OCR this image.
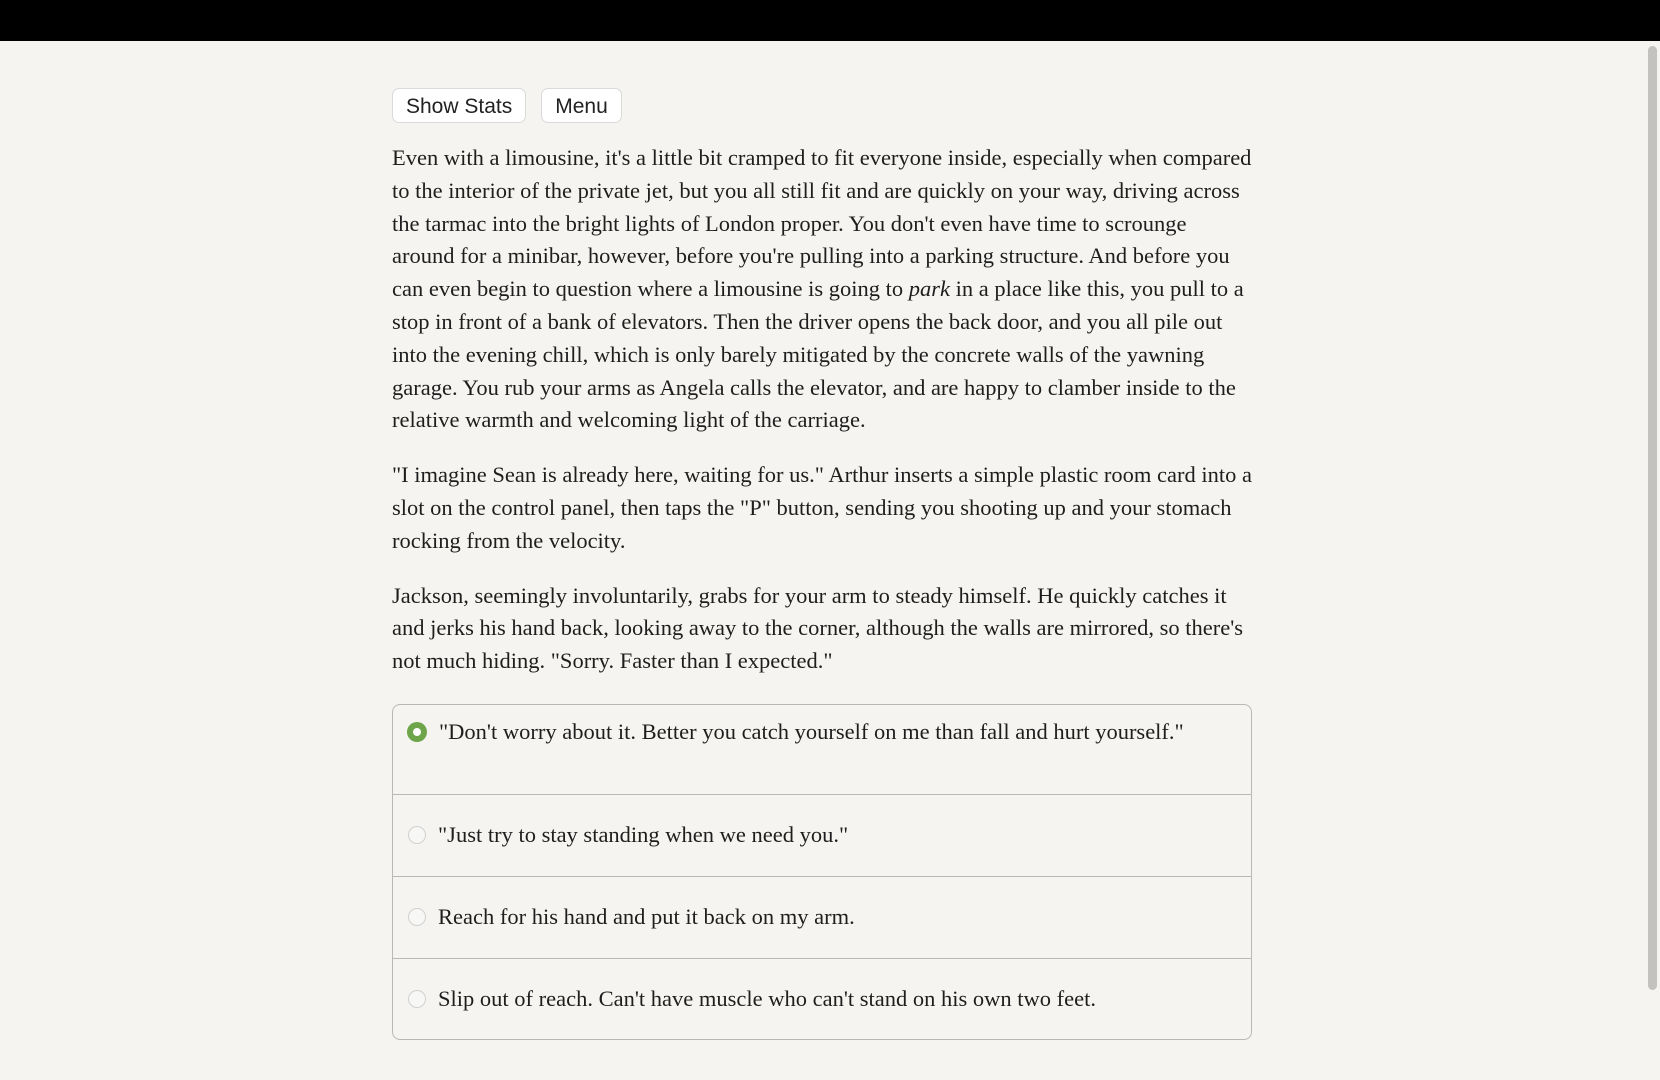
Show Stats	Menu

Even with a limousine, it's a little bit cramped to fit everyone inside, especially when compared to the interior of the private jet, but you all still fit and are quickly on your way, driving across the tarmac into the bright lights of London proper. You don't even have time to scrounge around for a minibar, however, before you're pulling into a parking structure. And before you can even begin to question where a limousine is going to park in a place like this, you pull to a stop in front of a bank of elevators. Then the driver opens the back door, and you all pile out into the evening chill, which is only barely mitigated by the concrete walls of the yawning garage. You rub your arms as Angela calls the elevator, and are happy to clamber inside to the relative warmth and welcoming light of the carriage.

"I imagine Sean is already here, waiting for us." Arthur inserts a simple plastic room card into a slot on the control panel, then taps the "P" button, sending you shooting up and your stomach rocking from the velocity.

Jackson, seemingly involuntarily, grabs for your arm to steady himself. He quickly catches it and jerks his hand back, looking away to the corner, although the walls are mirrored, so there's not much hiding. "Sorry. Faster than I expected."

"Don't worry about it. Better you catch yourself on me than fall and hurt yourself."
"Just try to stay standing when we need you."
Reach for his hand and put it back on my arm.
Slip out of reach. Can't have muscle who can't stand on his own two feet.
